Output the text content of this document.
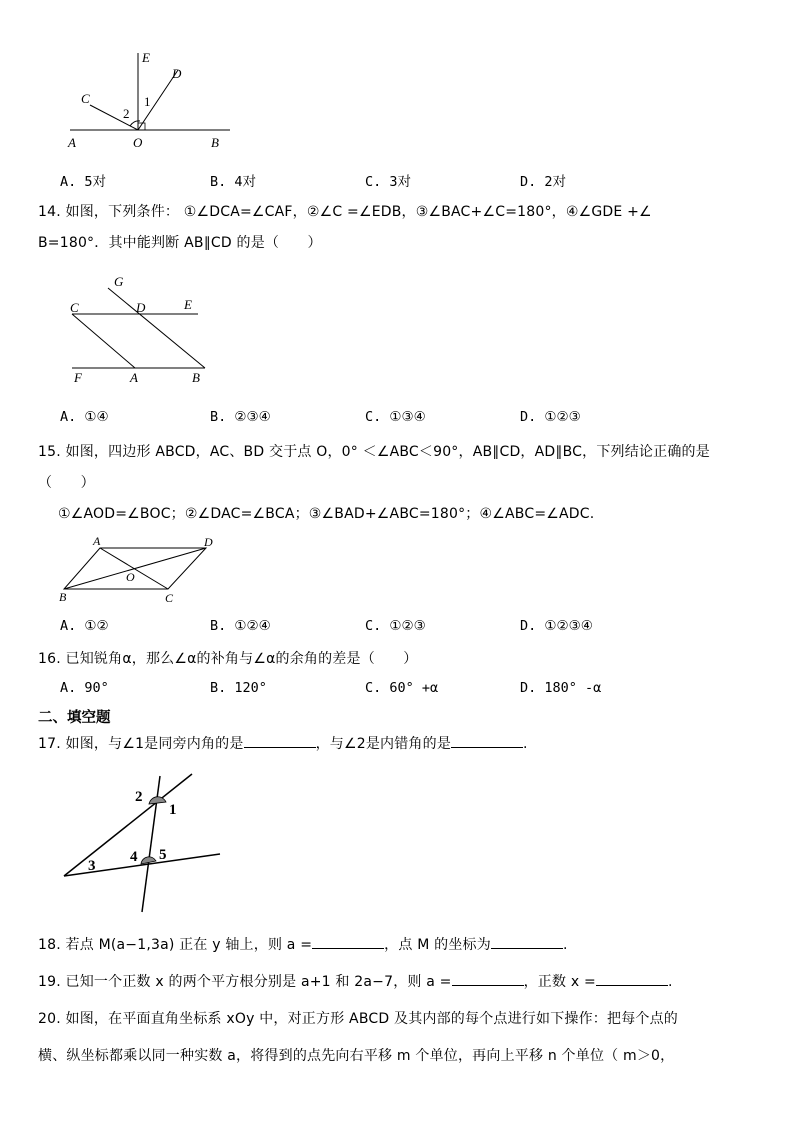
E
D
C
2
1
A	O	B
A. 5对	B. 4对	C. 3对	D. 2对
14. 如图，下列条件： ①∠DCA=∠CAF，②∠C =∠EDB，③∠BAC+∠C=180°，④∠GDE +∠
B=180°．其中能判断 AB∥CD 的是（　　）
G
C	D	E
F	A	B
A. ①④	B. ②③④	C. ①③④	D. ①②③
15. 如图，四边形 ABCD，AC、BD 交于点 O，0° ＜∠ABC＜90°，AB∥CD，AD∥BC，下列结论正确的是
（　　）
①∠AOD=∠BOC；②∠DAC=∠BCA；③∠BAD+∠ABC=180°；④∠ABC=∠ADC.
A	D
O
B	C
A. ①②	B. ①②④	C. ①②③	D. ①②③④
16. 已知锐角α，那么∠α的补角与∠α的余角的差是（　　）
A. 90°	B. 120°	C. 60° +α	D. 180° -α
二、填空题
17. 如图，与∠1是同旁内角的是	，与∠2是内错角的是	.
2
1
3
4 5
18. 若点 M(a−1,3a) 正在 y 轴上，则 a =	，点 M 的坐标为	.
19. 已知一个正数 x 的两个平方根分别是 a+1 和 2a−7，则 a =	，正数 x =	.
20. 如图，在平面直角坐标系 xOy 中，对正方形 ABCD 及其内部的每个点进行如下操作：把每个点的
横、纵坐标都乘以同一种实数 a，将得到的点先向右平移 m 个单位，再向上平移 n 个单位（ m＞0，
